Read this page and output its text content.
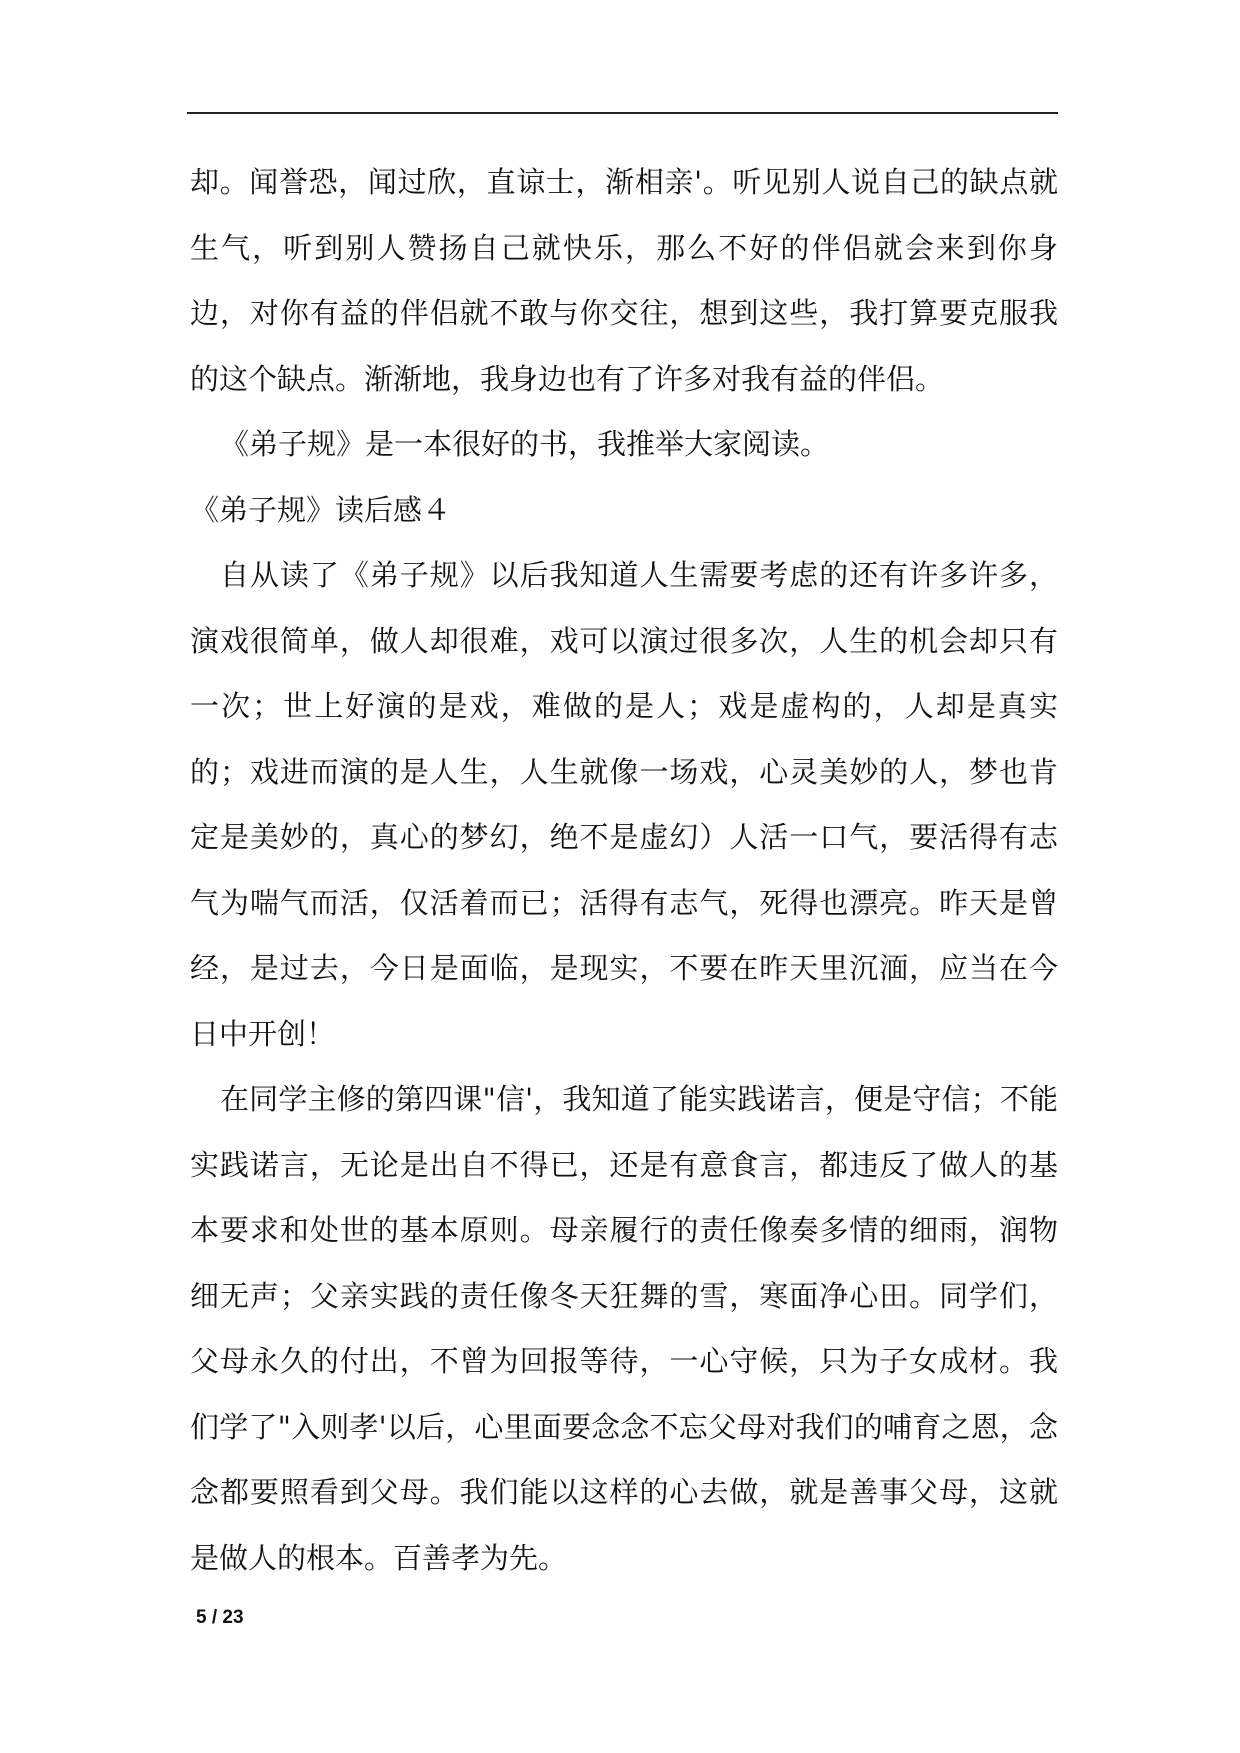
却。闻誉恐，闻过欣，直谅士，渐相亲'。听见别人说自己的缺点就
生气，听到别人赞扬自己就快乐，那么不好的伴侣就会来到你身
边，对你有益的伴侣就不敢与你交往，想到这些，我打算要克服我
的这个缺点。渐渐地，我身边也有了许多对我有益的伴侣。
《弟子规》是一本很好的书，我推举大家阅读。
《弟子规》读后感４
自从读了《弟子规》以后我知道人生需要考虑的还有许多许多，
演戏很简单，做人却很难，戏可以演过很多次，人生的机会却只有
一次；世上好演的是戏，难做的是人；戏是虚构的，人却是真实
的；戏进而演的是人生，人生就像一场戏，心灵美妙的人，梦也肯
定是美妙的，真心的梦幻，绝不是虚幻）人活一口气，要活得有志
气为喘气而活，仅活着而已；活得有志气，死得也漂亮。昨天是曾
经，是过去，今日是面临，是现实，不要在昨天里沉湎，应当在今
日中开创！
在同学主修的第四课"信'，我知道了能实践诺言，便是守信；不能
实践诺言，无论是出自不得已，还是有意食言，都违反了做人的基
本要求和处世的基本原则。母亲履行的责任像奏多情的细雨，润物
细无声；父亲实践的责任像冬天狂舞的雪，寒面净心田。同学们，
父母永久的付出，不曾为回报等待，一心守候，只为子女成材。我
们学了"入则孝'以后，心里面要念念不忘父母对我们的哺育之恩，念
念都要照看到父母。我们能以这样的心去做，就是善事父母，这就
是做人的根本。百善孝为先。
5 / 23
